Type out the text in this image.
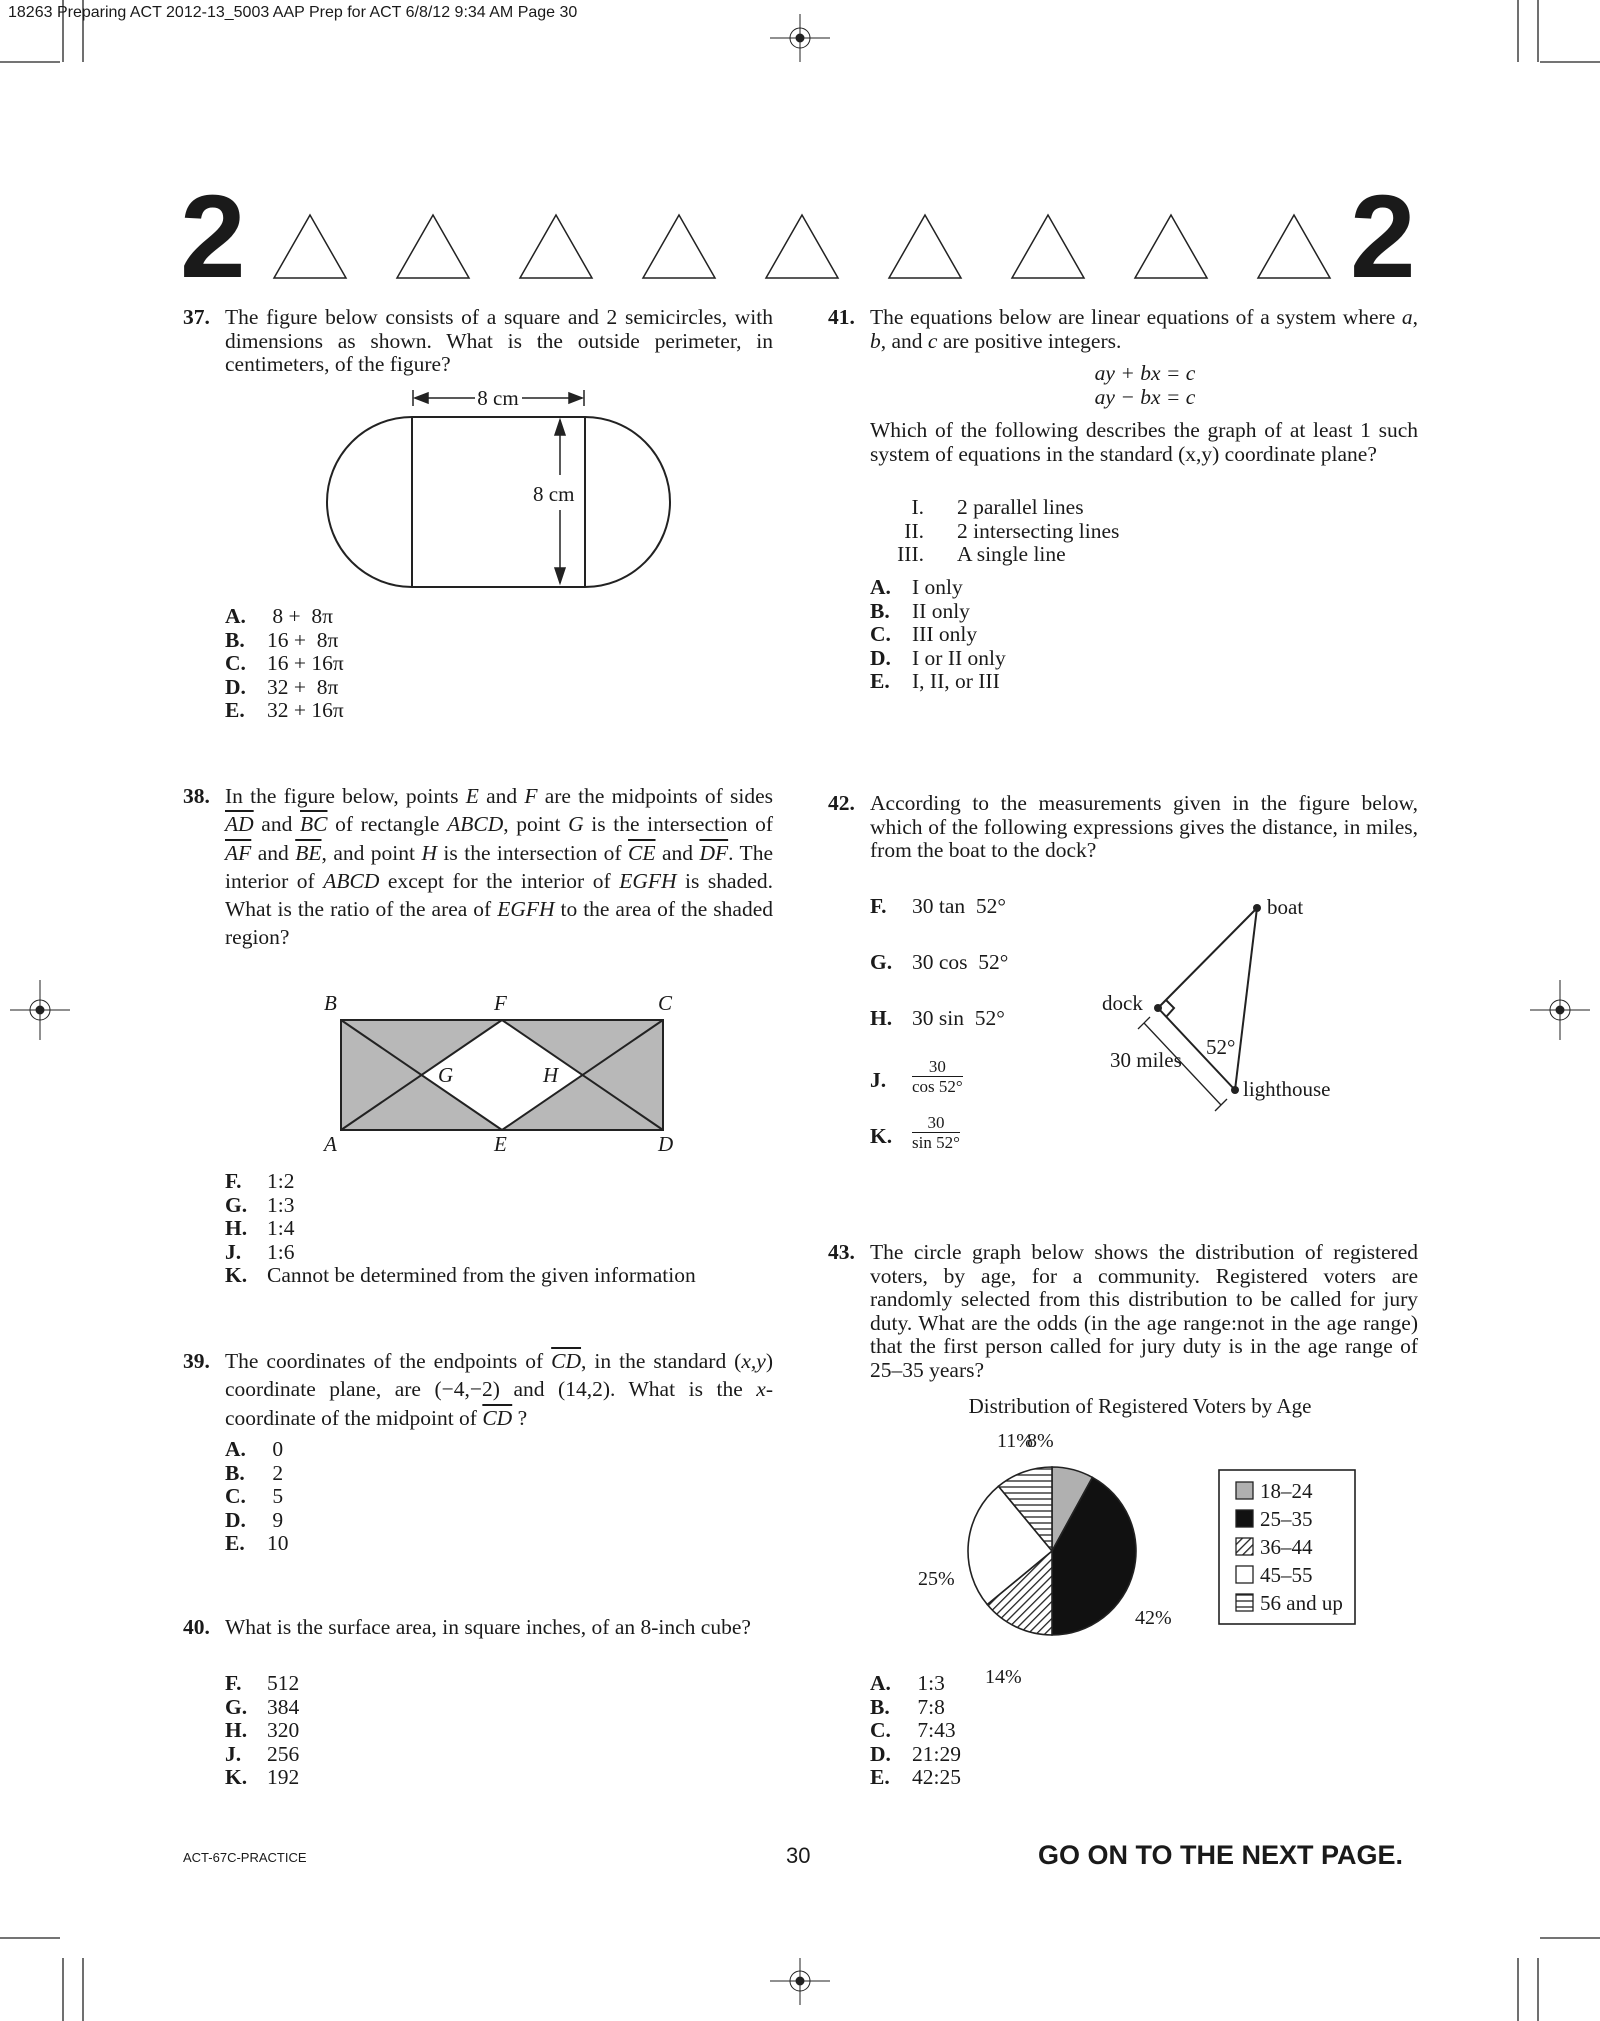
18263 Preparing ACT 2012-13_5003 AAP Prep for ACT 6/8/12 9:34 AM Page 30
2	2
37. The figure below consists of a square and 2 semicircles, with dimensions as shown. What is the outside perimeter, in centimeters, of the figure?
8 cm
8 cm
A. 8 +  8π
B. 16 +  8π
C. 16 + 16π
D. 32 +  8π
E. 32 + 16π
38. In the figure below, points E and F are the midpoints of sides $\overline{AD}$ and $\overline{BC}$ of rectangle ABCD, point G is the intersection of $\overline{AF}$ and $\overline{BE}$, and point H is the intersection of $\overline{CE}$ and $\overline{DF}$. The interior of ABCD except for the interior of EGFH is shaded. What is the ratio of the area of EGFH to the area of the shaded region?
B	F	C
G	H
A	E	D
F. 1:2
G. 1:3
H. 1:4
J. 1:6
K. Cannot be determined from the given information
39. The coordinates of the endpoints of $\overline{CD}$, in the standard (x,y) coordinate plane, are (−4,−2) and (14,2). What is the x-coordinate of the midpoint of $\overline{CD}$ ?
A. 0
B. 2
C. 5
D. 9
E. 10
40. What is the surface area, in square inches, of an 8-inch cube?
F. 512
G. 384
H. 320
J. 256
K. 192
41. The equations below are linear equations of a system where a, b, and c are positive integers.
ay + bx = c
ay − bx = c
Which of the following describes the graph of at least 1 such system of equations in the standard (x,y) coordinate plane?
I. 2 parallel lines
II. 2 intersecting lines
III. A single line
A. I only
B. II only
C. III only
D. I or II only
E. I, II, or III
42. According to the measurements given in the figure below, which of the following expressions gives the distance, in miles, from the boat to the dock?
F. 30 tan  52°
G. 30 cos  52°
H. 30 sin  52°
J. $\frac{30}{\cos 52^\circ}$
K. $\frac{30}{\sin 52^\circ}$
boat
dock
lighthouse
52°
30 miles
43. The circle graph below shows the distribution of registered voters, by age, for a community. Registered voters are randomly selected from this distribution to be called for jury duty. What are the odds (in the age range:not in the age range) that the first person called for jury duty is in the age range of 25–35 years?
Distribution of Registered Voters by Age
8%
42%
14%
25%
11%
18–24
25–35
36–44
45–55
56 and up
A. 1:3
B. 7:8
C. 7:43
D. 21:29
E. 42:25
ACT-67C-PRACTICE	30	GO ON TO THE NEXT PAGE.
